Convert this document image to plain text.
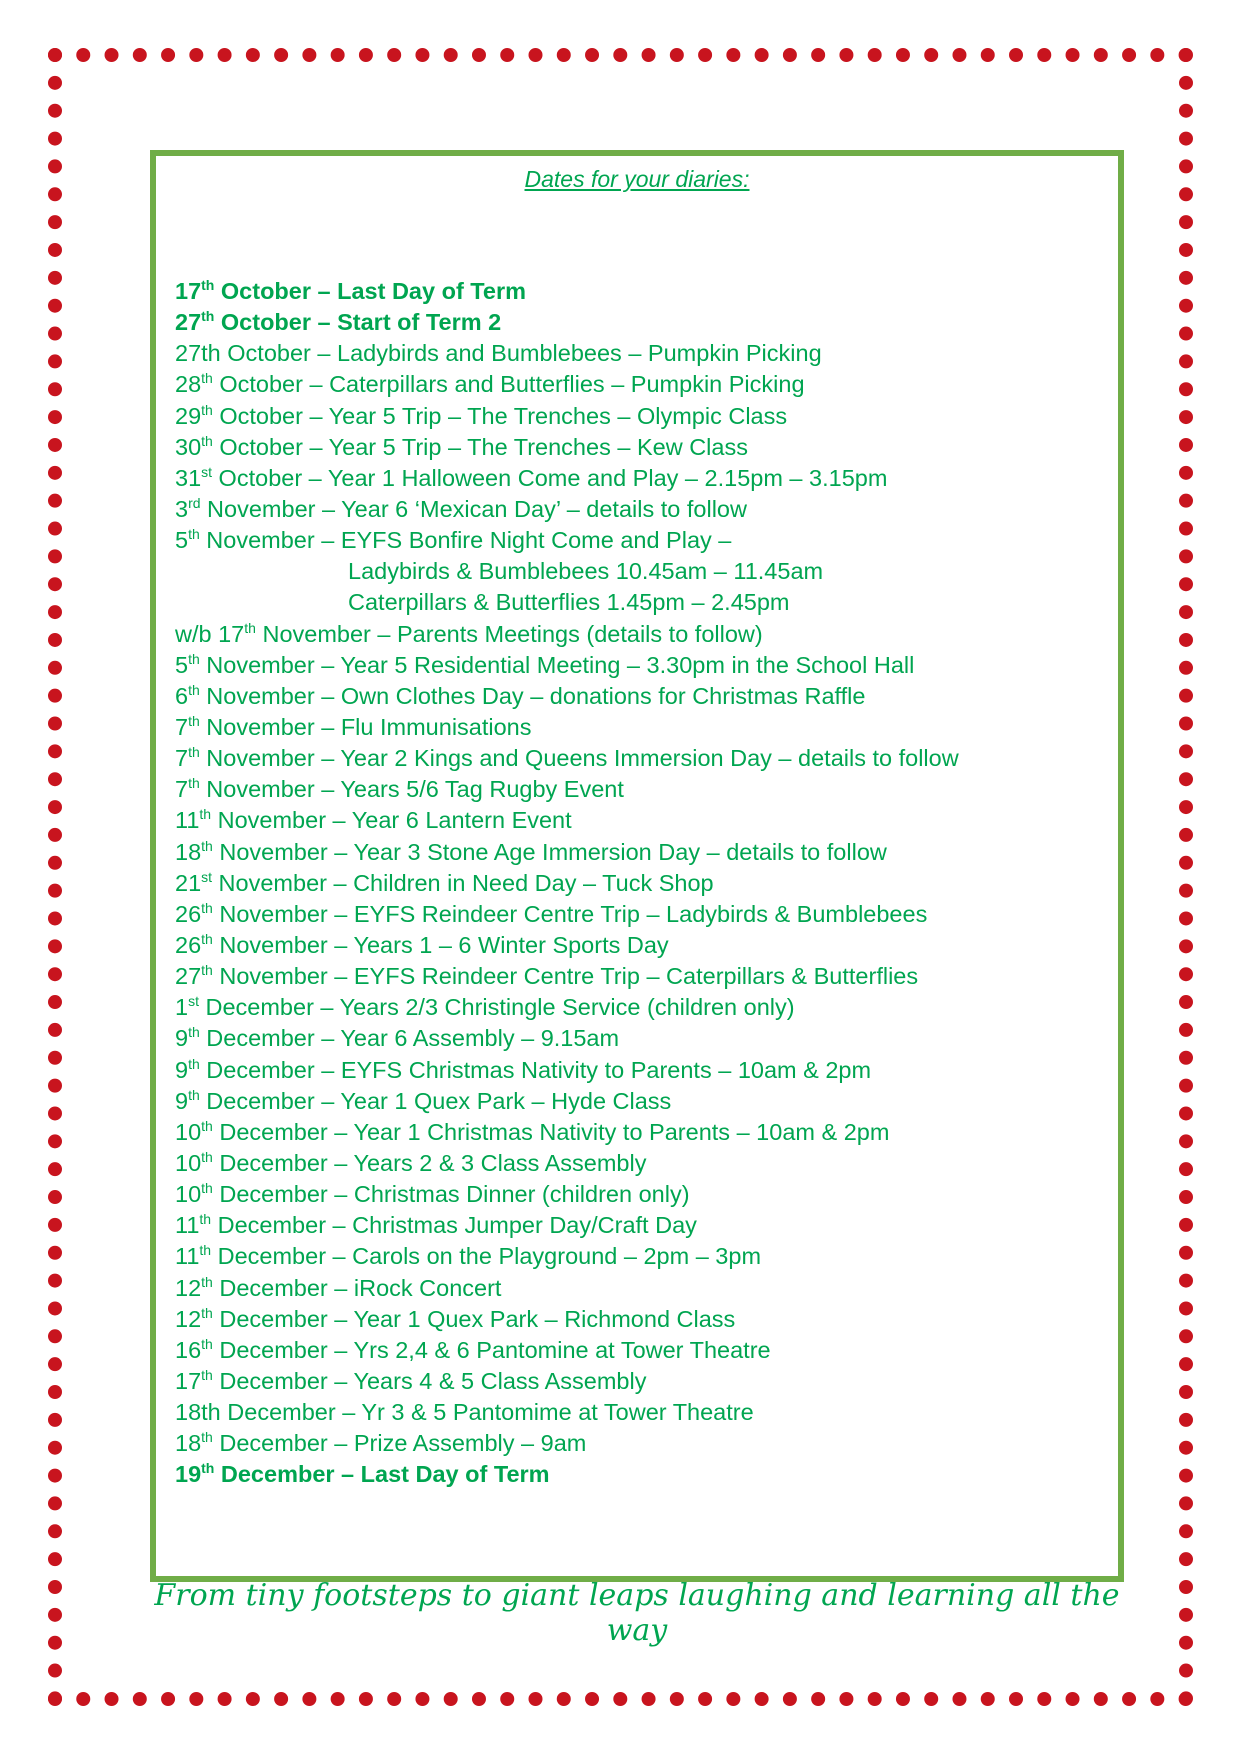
Dates for your diaries:
17th October – Last Day of Term
27th October – Start of Term 2
27th October – Ladybirds and Bumblebees – Pumpkin Picking
28th October – Caterpillars and Butterflies – Pumpkin Picking
29th October – Year 5 Trip – The Trenches – Olympic Class
30th October – Year 5 Trip – The Trenches – Kew Class
31st October – Year 1 Halloween Come and Play – 2.15pm – 3.15pm
3rd November – Year 6 ‘Mexican Day’ – details to follow
5th November – EYFS Bonfire Night Come and Play –
Ladybirds & Bumblebees 10.45am – 11.45am
Caterpillars & Butterflies 1.45pm – 2.45pm
w/b 17th November – Parents Meetings (details to follow)
5th November – Year 5 Residential Meeting – 3.30pm in the School Hall
6th November – Own Clothes Day – donations for Christmas Raffle
7th November – Flu Immunisations
7th November – Year 2 Kings and Queens Immersion Day – details to follow
7th November – Years 5/6 Tag Rugby Event
11th November – Year 6 Lantern Event
18th November – Year 3 Stone Age Immersion Day – details to follow
21st November – Children in Need Day – Tuck Shop
26th November – EYFS Reindeer Centre Trip – Ladybirds & Bumblebees
26th November – Years 1 – 6 Winter Sports Day
27th November – EYFS Reindeer Centre Trip – Caterpillars & Butterflies
1st December – Years 2/3 Christingle Service (children only)
9th December – Year 6 Assembly – 9.15am
9th December – EYFS Christmas Nativity to Parents – 10am & 2pm
9th December – Year 1 Quex Park – Hyde Class
10th December – Year 1 Christmas Nativity to Parents – 10am & 2pm
10th December – Years 2 & 3 Class Assembly
10th December – Christmas Dinner (children only)
11th December – Christmas Jumper Day/Craft Day
11th December – Carols on the Playground – 2pm – 3pm
12th December – iRock Concert
12th December – Year 1 Quex Park – Richmond Class
16th December – Yrs 2,4 & 6 Pantomine at Tower Theatre
17th December – Years 4 & 5 Class Assembly
18th December – Yr 3 & 5 Pantomime at Tower Theatre
18th December – Prize Assembly – 9am
19th December – Last Day of Term
From tiny footsteps to giant leaps laughing and learning all the way
